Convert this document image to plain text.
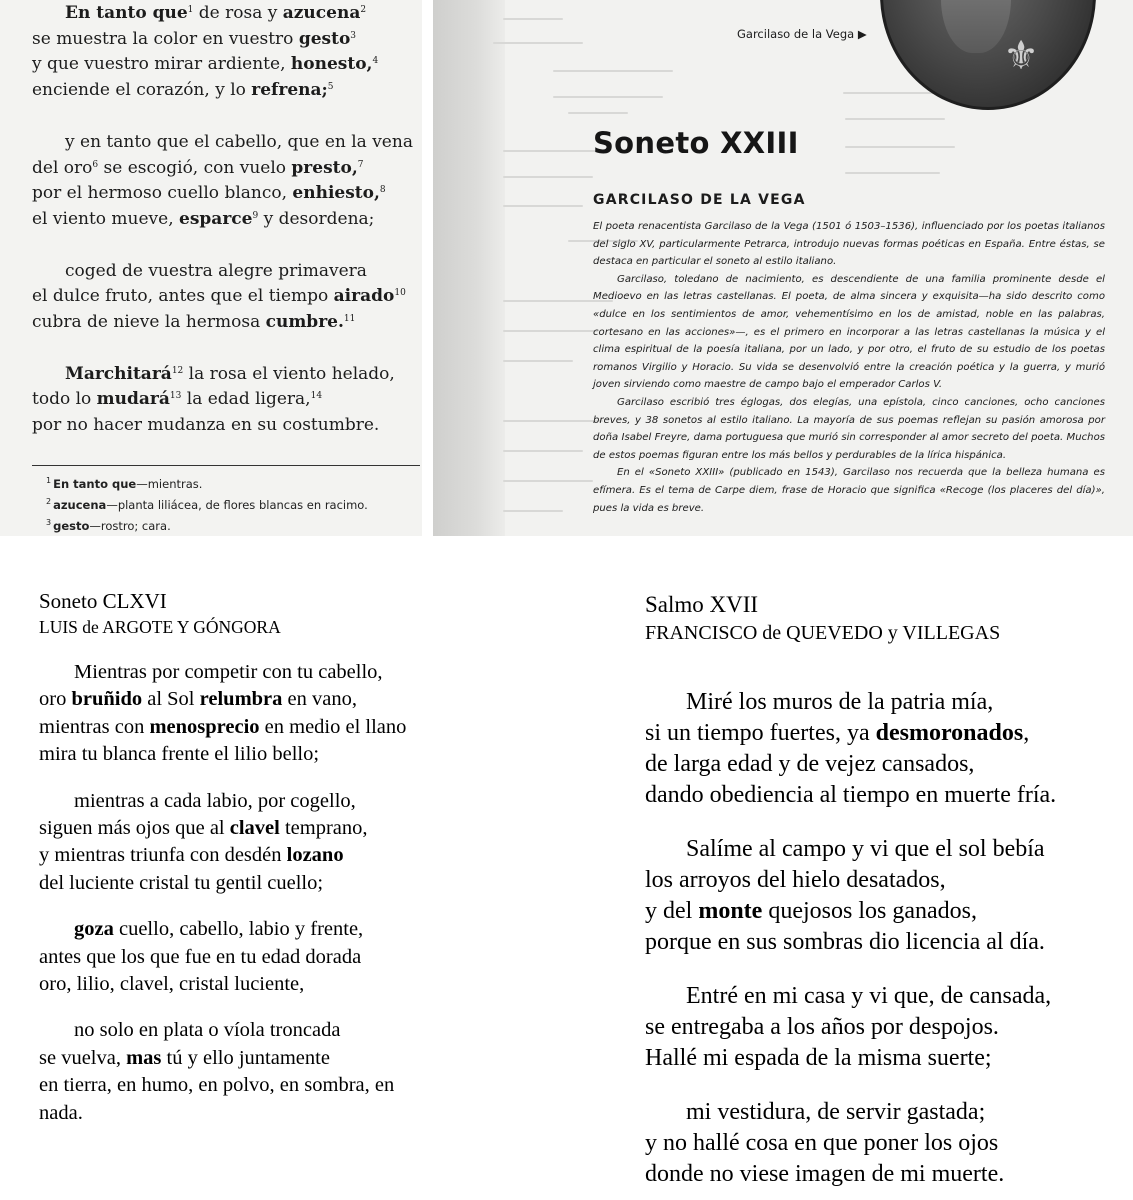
En tanto que$^1$ de rosa y azucena$^2$
se muestra la color en vuestro gesto$^3$
y que vuestro mirar ardiente, honesto,$^4$
enciende el corazón, y lo refrena;$^5$
y en tanto que el cabello, que en la vena
del oro$^6$ se escogió, con vuelo presto,$^7$
por el hermoso cuello blanco, enhiesto,$^8$
el viento mueve, esparce$^9$ y desordena;
coged de vuestra alegre primavera
el dulce fruto, antes que el tiempo airado$^{10}$
cubra de nieve la hermosa cumbre.$^{11}$
Marchitará$^{12}$ la rosa el viento helado,
todo lo mudará$^{13}$ la edad ligera,$^{14}$
por no hacer mudanza en su costumbre.
$^1$ En tanto que—mientras.
$^2$ azucena—planta liliácea, de flores blancas en racimo.
$^3$ gesto—rostro; cara.
⚜
Garcilaso de la Vega ▶
Soneto XXIII
GARCILASO DE LA VEGA

El poeta renacentista Garcilaso de la Vega (1501 ó 1503–1536), influenciado por los poetas italianos del siglo XV, particularmente Petrarca, introdujo nuevas formas poéticas en España. Entre éstas, se destaca en particular el soneto al estilo italiano.

Garcilaso, toledano de nacimiento, es descendiente de una familia prominente desde el Medioevo en las letras castellanas. El poeta, de alma sincera y exquisita—ha sido descrito como «dulce en los sentimientos de amor, vehementísimo en los de amistad, noble en las palabras, cortesano en las acciones»—, es el primero en incorporar a las letras castellanas la música y el clima espiritual de la poesía italiana, por un lado, y por otro, el fruto de su estudio de los poetas romanos Virgilio y Horacio. Su vida se desenvolvió entre la creación poética y la guerra, y murió joven sirviendo como maestre de campo bajo el emperador Carlos V.

Garcilaso escribió tres églogas, dos elegías, una epístola, cinco canciones, ocho canciones breves, y 38 sonetos al estilo italiano. La mayoría de sus poemas reflejan su pasión amorosa por doña Isabel Freyre, dama portuguesa que murió sin corresponder al amor secreto del poeta. Muchos de estos poemas figuran entre los más bellos y perdurables de la lírica hispánica.

En el «Soneto XXIII» (publicado en 1543), Garcilaso nos recuerda que la belleza humana es efímera. Es el tema de Carpe diem, frase de Horacio que significa «Recoge (los placeres del día)», pues la vida es breve.

Soneto CLXVI
LUIS de ARGOTE Y GÓNGORA
Mientras por competir con tu cabello,
oro bruñido al Sol relumbra en vano,
mientras con menosprecio en medio el llano
mira tu blanca frente el lilio bello;
mientras a cada labio, por cogello,
siguen más ojos que al clavel temprano,
y mientras triunfa con desdén lozano
del luciente cristal tu gentil cuello;
goza cuello, cabello, labio y frente,
antes que los que fue en tu edad dorada
oro, lilio, clavel, cristal luciente,
no solo en plata o víola troncada
se vuelva, mas tú y ello juntamente
en tierra, en humo, en polvo, en sombra, en
nada.
Salmo XVII
FRANCISCO de QUEVEDO y VILLEGAS
Miré los muros de la patria mía,
si un tiempo fuertes, ya desmoronados,
de larga edad y de vejez cansados,
dando obediencia al tiempo en muerte fría.
Salíme al campo y vi que el sol bebía
los arroyos del hielo desatados,
y del monte quejosos los ganados,
porque en sus sombras dio licencia al día.
Entré en mi casa y vi que, de cansada,
se entregaba a los años por despojos.
Hallé mi espada de la misma suerte;
mi vestidura, de servir gastada;
y no hallé cosa en que poner los ojos
donde no viese imagen de mi muerte.
